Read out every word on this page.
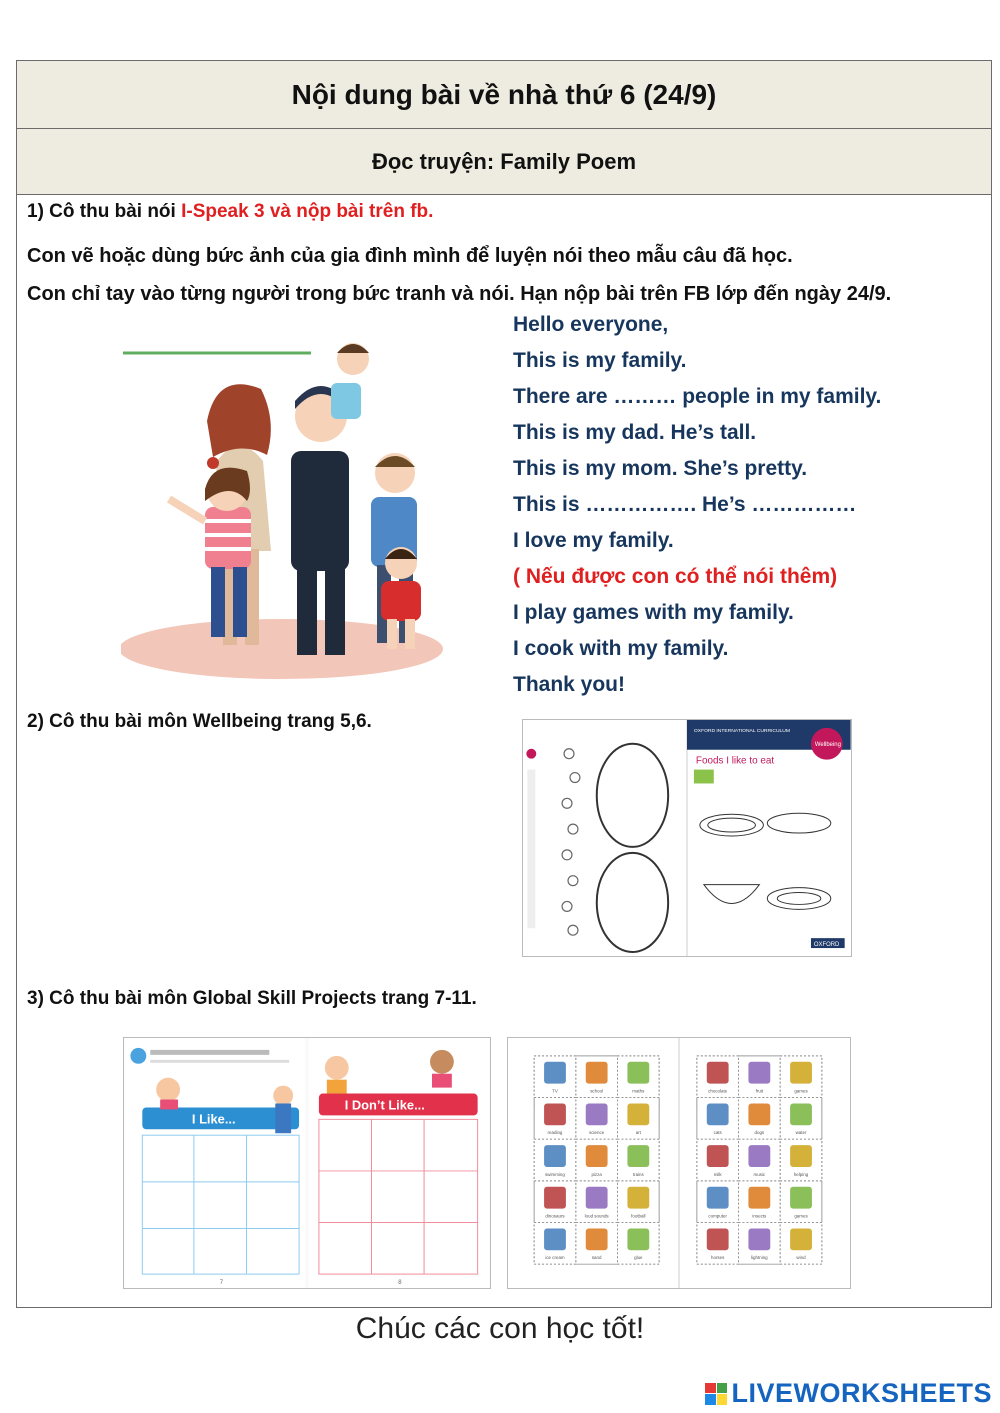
Nội dung bài về nhà thứ 6 (24/9)
Đọc truyện: Family Poem
1) Cô thu bài nói I-Speak 3 và nộp bài trên fb.
Con vẽ hoặc dùng bức ảnh của gia đình mình để luyện nói theo mẫu câu đã học.
Con chỉ tay vào từng người trong bức tranh và nói. Hạn nộp bài trên FB lớp đến ngày 24/9.
Hello everyone,
This is my family.
There are ……… people in my family.
This is my dad. He’s tall.
This is my mom. She’s pretty.
This is ……………. He’s ……………
I love my family.
( Nếu được con có thể nói thêm)
I play games with my family.
I cook with my family.
Thank you!
2) Cô thu bài môn Wellbeing trang 5,6.	OXFORD INTERNATIONAL CURRICULUM
Wellbeing
Foods I like to eat
OXFORD
3) Cô thu bài môn Global Skill Projects trang 7-11.
I Like...
7
I Don’t Like...
8
TV	school	maths
reading	science	art
swimming	pizza	trains
dinosaurs	loud sounds	football
ice cream	sand	glue
chocolate	fruit	games
cats	dogs	water
milk	music	helping
computer	insects	games
horses	lightning	wind
Chúc các con học tốt!
LIVEWORKSHEETS
